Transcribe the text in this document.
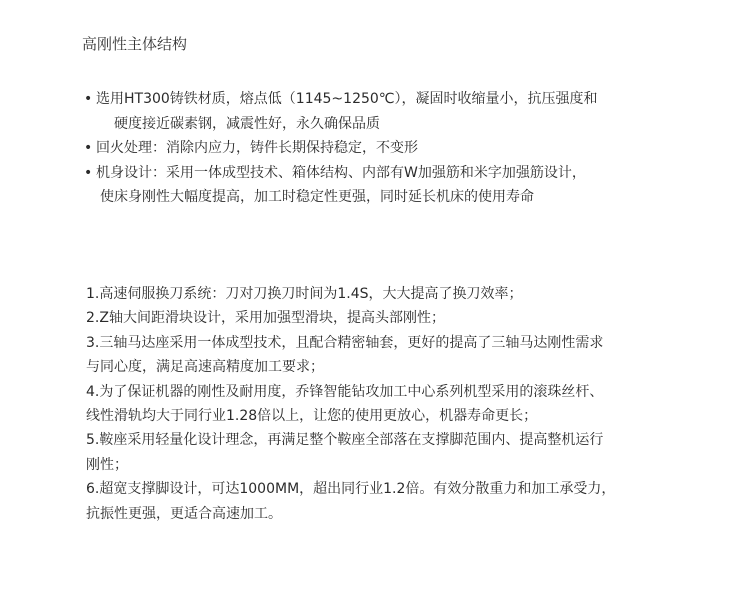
高刚性主体结构
• 选用HT300铸铁材质，熔点低（1145~1250℃），凝固时收缩量小，抗压强度和
硬度接近碳素钢，减震性好，永久确保品质
• 回火处理：消除内应力，铸件长期保持稳定，不变形
• 机身设计：采用一体成型技术、箱体结构、内部有W加强筋和米字加强筋设计，
使床身刚性大幅度提高，加工时稳定性更强，同时延长机床的使用寿命
1.高速伺服换刀系统：刀对刀换刀时间为1.4S，大大提高了换刀效率；
2.Z轴大间距滑块设计，采用加强型滑块，提高头部刚性；
3.三轴马达座采用一体成型技术，且配合精密轴套，更好的提高了三轴马达刚性需求
与同心度，满足高速高精度加工要求；
4.为了保证机器的刚性及耐用度，乔锋智能钻攻加工中心系列机型采用的滚珠丝杆、
线性滑轨均大于同行业1.28倍以上，让您的使用更放心，机器寿命更长；
5.鞍座采用轻量化设计理念，再满足整个鞍座全部落在支撑脚范围内、提高整机运行
刚性；
6.超宽支撑脚设计，可达1000MM，超出同行业1.2倍。有效分散重力和加工承受力，
抗振性更强，更适合高速加工。
